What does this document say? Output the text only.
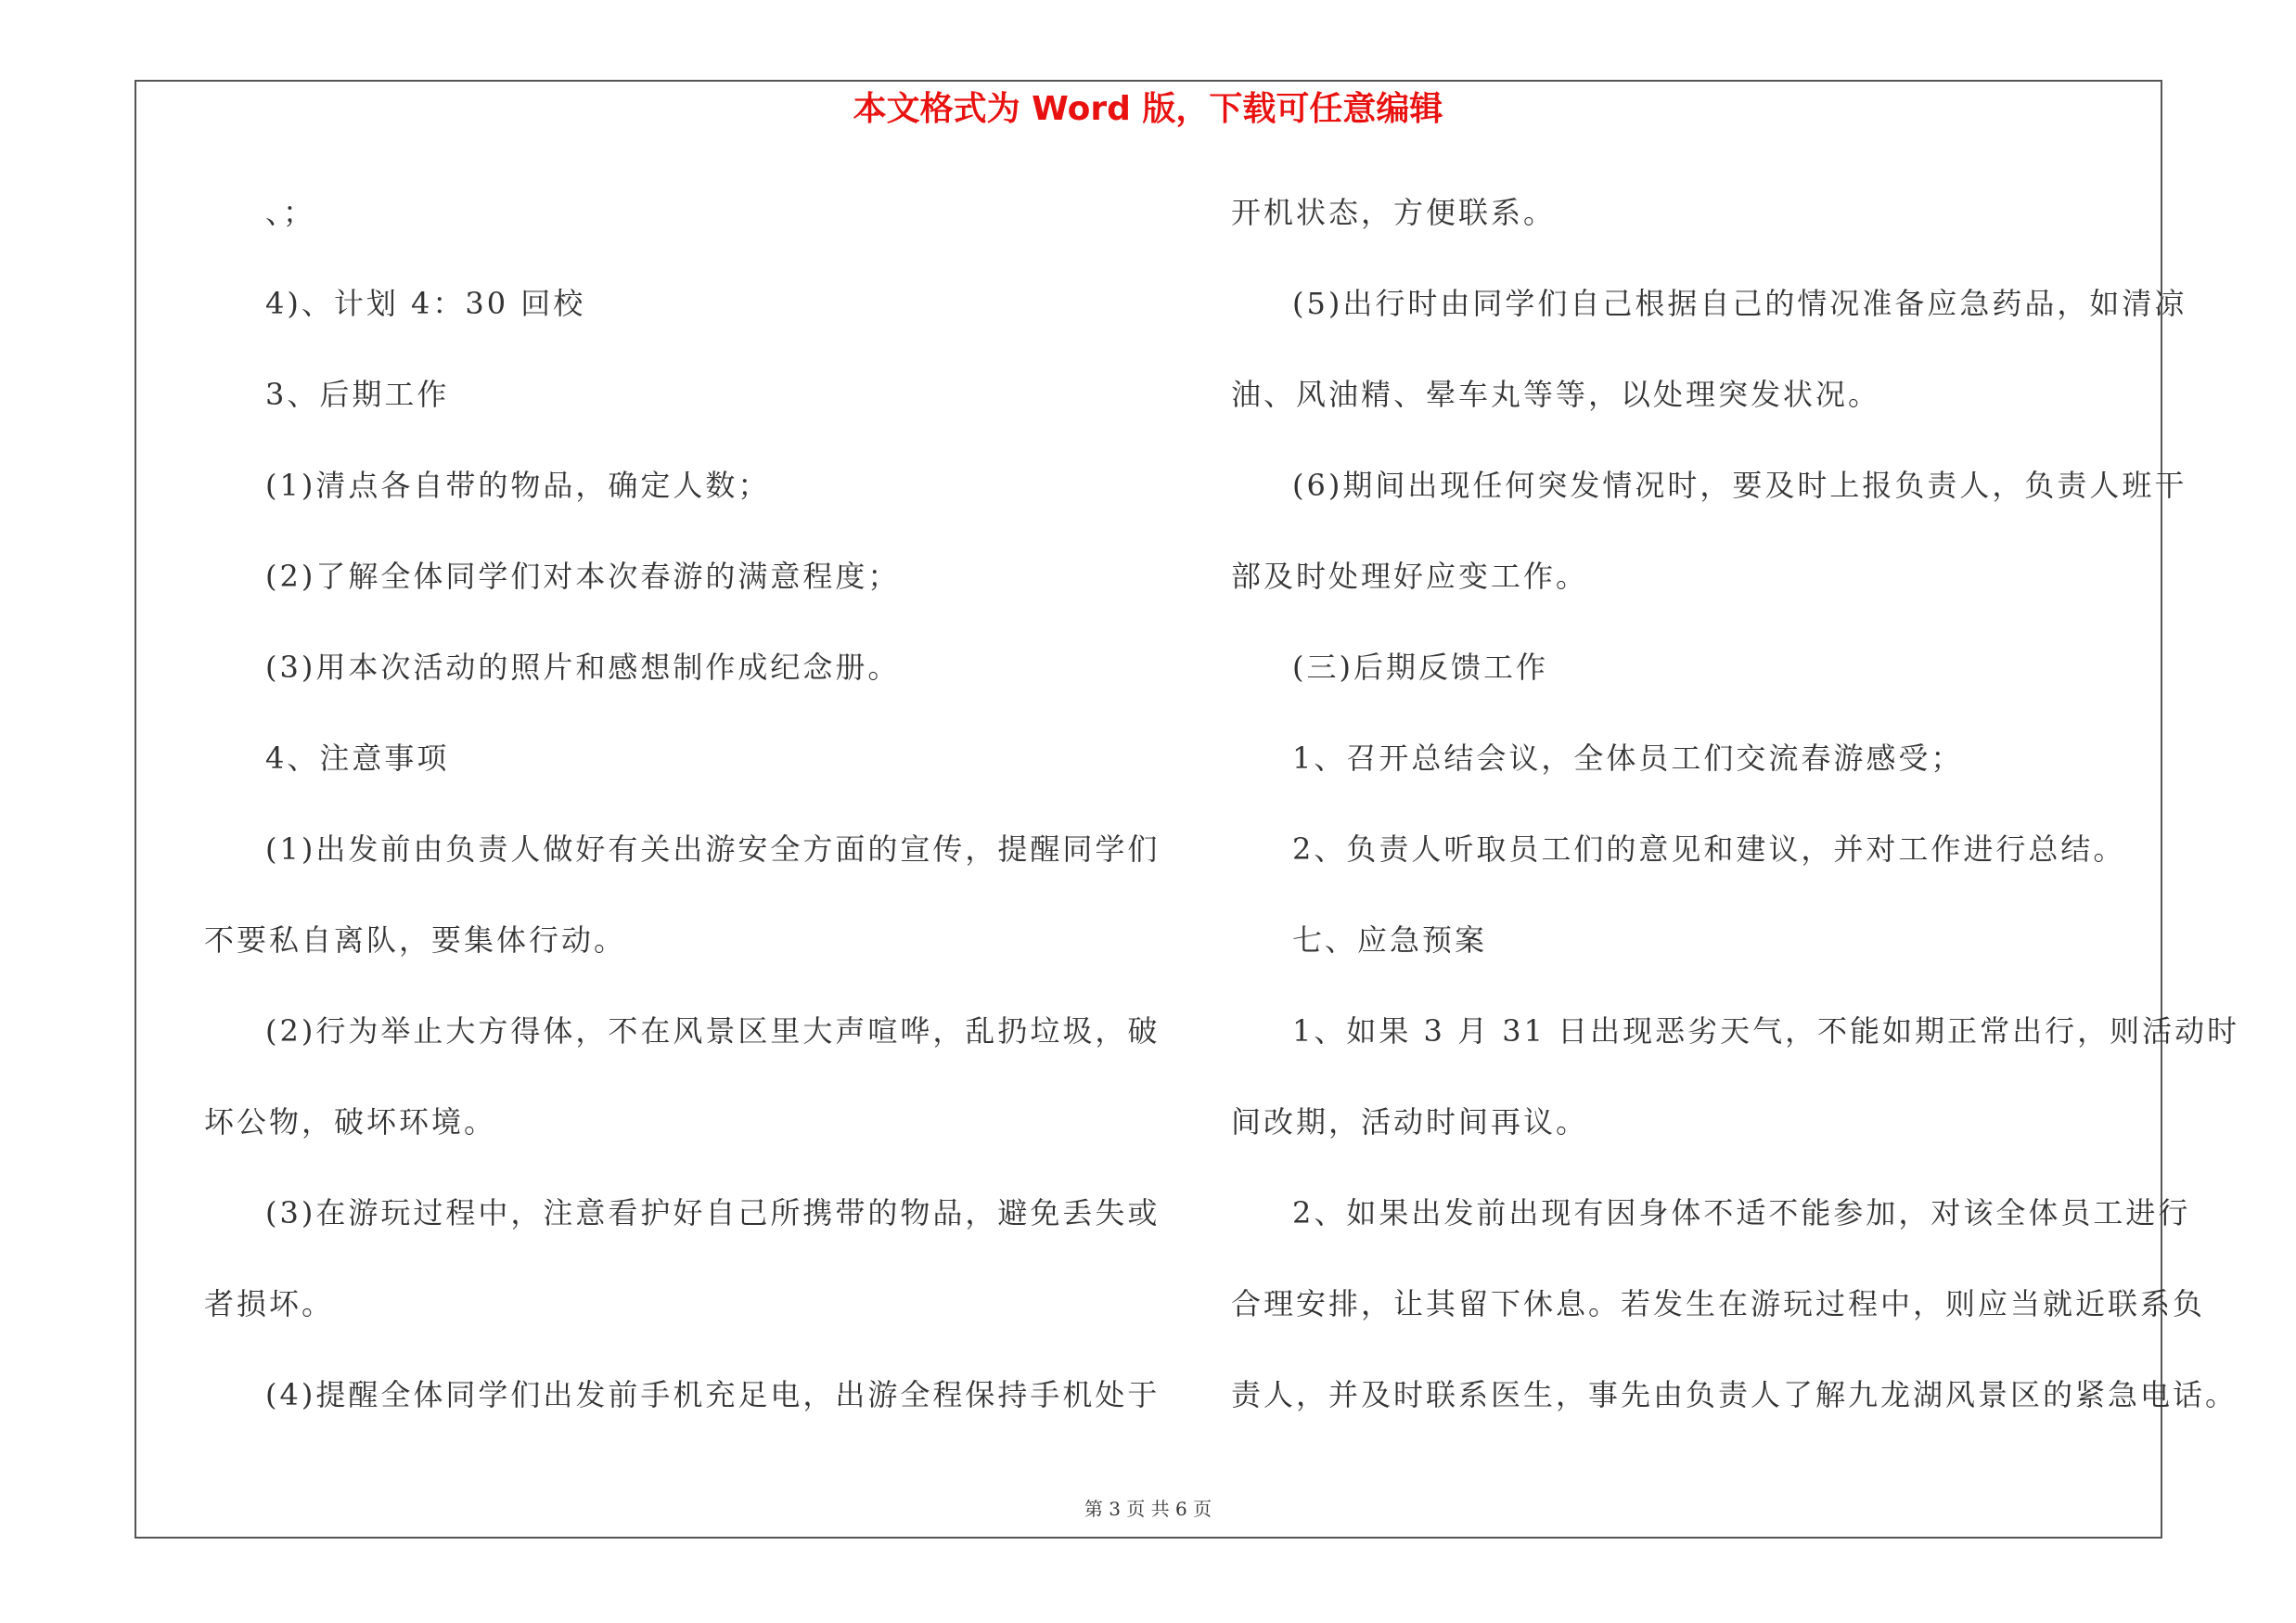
本文格式为 Word 版，下载可任意编辑
、；
4)、计划 4：30 回校
3、后期工作
(1)清点各自带的物品，确定人数；
(2)了解全体同学们对本次春游的满意程度；
(3)用本次活动的照片和感想制作成纪念册。
4、注意事项
(1)出发前由负责人做好有关出游安全方面的宣传，提醒同学们
不要私自离队，要集体行动。
(2)行为举止大方得体，不在风景区里大声喧哗，乱扔垃圾，破
坏公物，破坏环境。
(3)在游玩过程中，注意看护好自己所携带的物品，避免丢失或
者损坏。
(4)提醒全体同学们出发前手机充足电，出游全程保持手机处于
开机状态，方便联系。
(5)出行时由同学们自己根据自己的情况准备应急药品，如清凉
油、风油精、晕车丸等等，以处理突发状况。
(6)期间出现任何突发情况时，要及时上报负责人，负责人班干
部及时处理好应变工作。
(三)后期反馈工作
1、召开总结会议，全体员工们交流春游感受；
2、负责人听取员工们的意见和建议，并对工作进行总结。
七、应急预案
1、如果 3 月 31 日出现恶劣天气，不能如期正常出行，则活动时
间改期，活动时间再议。
2、如果出发前出现有因身体不适不能参加，对该全体员工进行
合理安排，让其留下休息。若发生在游玩过程中，则应当就近联系负
责人，并及时联系医生，事先由负责人了解九龙湖风景区的紧急电话。
第 3 页 共 6 页
